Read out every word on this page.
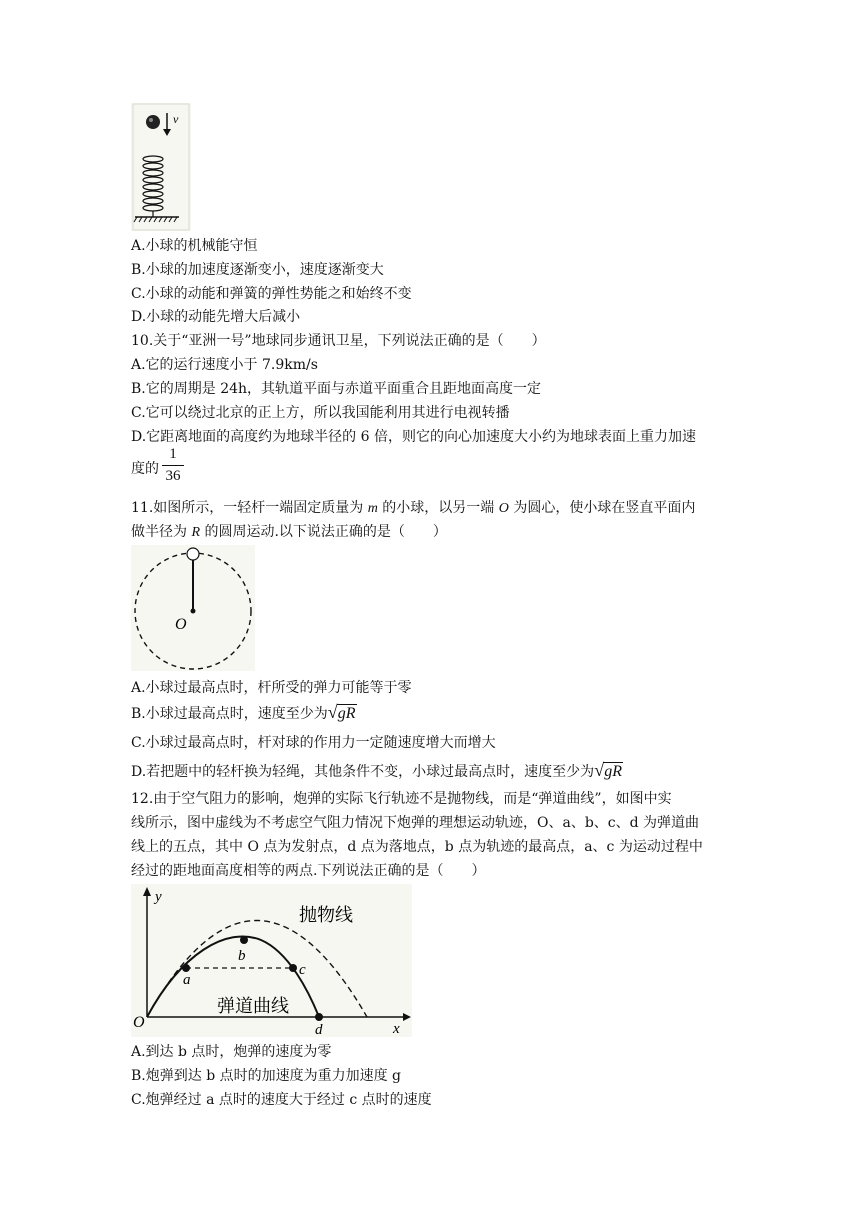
v
A.小球的机械能守恒
B.小球的加速度逐渐变小，速度逐渐变大
C.小球的动能和弹簧的弹性势能之和始终不变
D.小球的动能先增大后减小
10.关于“亚洲一号”地球同步通讯卫星，下列说法正确的是（　　）
A.它的运行速度小于 7.9km/s
B.它的周期是 24h，其轨道平面与赤道平面重合且距地面高度一定
C.它可以绕过北京的正上方，所以我国能利用其进行电视转播
D.它距离地面的高度约为地球半径的 6 倍，则它的向心加速度大小约为地球表面上重力加速
度的
1
36
11.如图所示，一轻杆一端固定质量为 m 的小球，以另一端 O 为圆心，使小球在竖直平面内
做半径为 R 的圆周运动.以下说法正确的是（　　）
O
A.小球过最高点时，杆所受的弹力可能等于零
B.小球过最高点时，速度至少为 √ gR
C.小球过最高点时，杆对球的作用力一定随速度增大而增大
D.若把题中的轻杆换为轻绳，其他条件不变，小球过最高点时，速度至少为 √ gR
12.由于空气阻力的影响，炮弹的实际飞行轨迹不是抛物线，而是“弹道曲线”，如图中实
线所示，图中虚线为不考虑空气阻力情况下炮弹的理想运动轨迹，O、a、b、c、d 为弹道曲
线上的五点，其中 O 点为发射点，d 点为落地点，b 点为轨迹的最高点，a、c 为运动过程中
经过的距地面高度相等的两点.下列说法正确的是（　　）
y
x
O
a
b
c
d
抛物线
弹道曲线
A.到达 b 点时，炮弹的速度为零
B.炮弹到达 b 点时的加速度为重力加速度 g
C.炮弹经过 a 点时的速度大于经过 c 点时的速度
